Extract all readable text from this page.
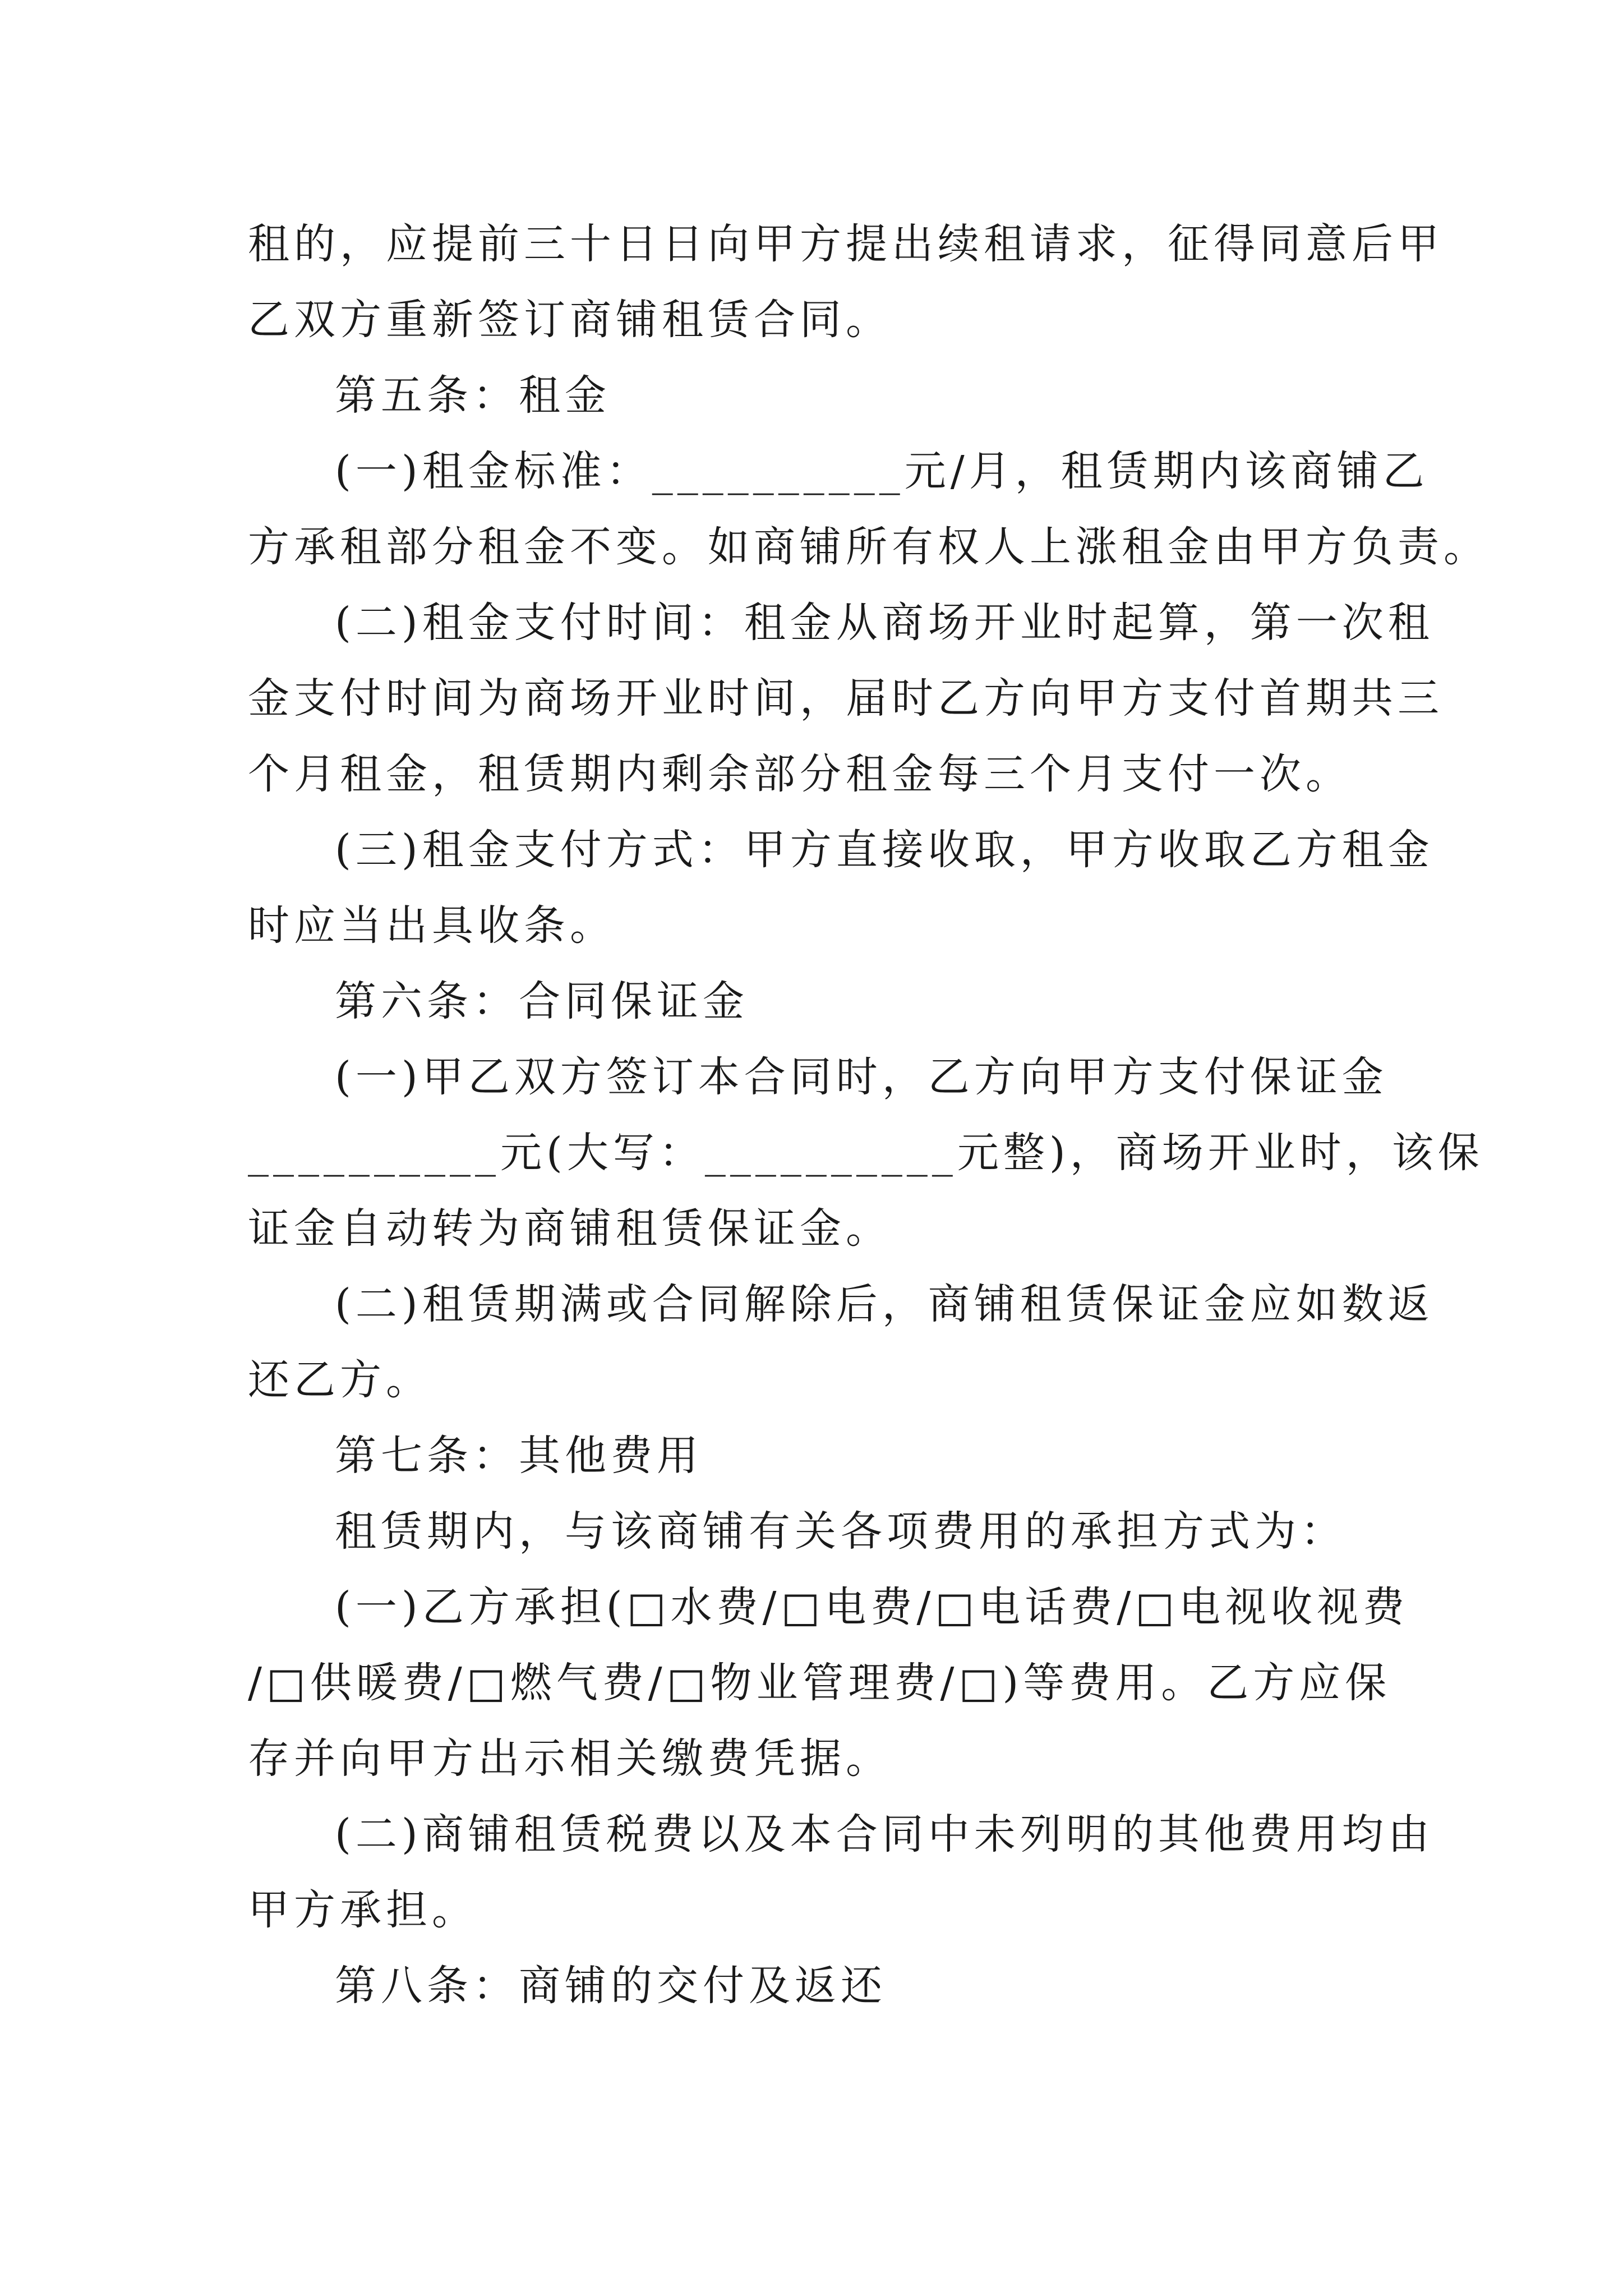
租的，应提前三十日日向甲方提出续租请求，征得同意后甲
乙双方重新签订商铺租赁合同。
第五条：租金
(一)租金标准：__________元/月，租赁期内该商铺乙
方承租部分租金不变。如商铺所有权人上涨租金由甲方负责。
(二)租金支付时间：租金从商场开业时起算，第一次租
金支付时间为商场开业时间，届时乙方向甲方支付首期共三
个月租金，租赁期内剩余部分租金每三个月支付一次。
(三)租金支付方式：甲方直接收取，甲方收取乙方租金
时应当出具收条。
第六条：合同保证金
(一)甲乙双方签订本合同时，乙方向甲方支付保证金
__________元(大写：__________元整)，商场开业时，该保
证金自动转为商铺租赁保证金。
(二)租赁期满或合同解除后，商铺租赁保证金应如数返
还乙方。
第七条：其他费用
租赁期内，与该商铺有关各项费用的承担方式为：
(一)乙方承担(□水费/□电费/□电话费/□电视收视费
/□供暖费/□燃气费/□物业管理费/□)等费用。乙方应保
存并向甲方出示相关缴费凭据。
(二)商铺租赁税费以及本合同中未列明的其他费用均由
甲方承担。
第八条：商铺的交付及返还
